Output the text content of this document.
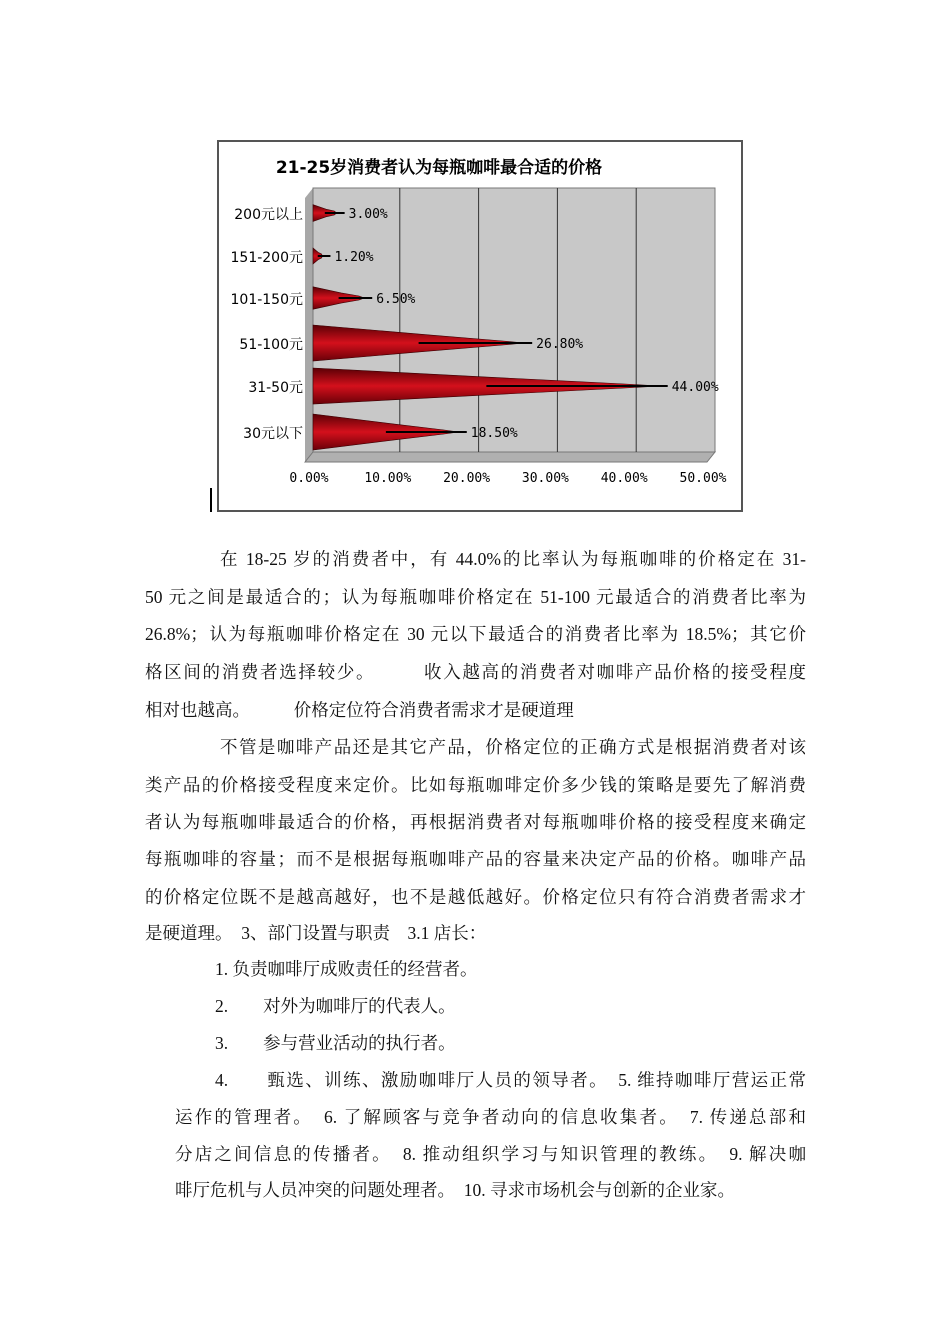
21-25岁消费者认为每瓶咖啡最合适的价格
0.00%	10.00% 20.00% 30.00% 40.00% 50.00%
200元以上	3.00%
151-200元 1.20%
101-150元	6.50%
51-100元	26.80%
31-50元	44.00%
30元以下	18.50%
在 18-25 岁的消费者中，有 44.0%的比率认为每瓶咖啡的价格定在 31-
50 元之间是最适合的；认为每瓶咖啡价格定在 51-100 元最适合的消费者比率为
26.8%；认为每瓶咖啡价格定在 30 元以下最适合的消费者比率为 18.5%；其它价
格区间的消费者选择较少。　　　收入越高的消费者对咖啡产品价格的接受程度
相对也越高。　　　价格定位符合消费者需求才是硬道理
不管是咖啡产品还是其它产品，价格定位的正确方式是根据消费者对该
类产品的价格接受程度来定价。比如每瓶咖啡定价多少钱的策略是要先了解消费
者认为每瓶咖啡最适合的价格，再根据消费者对每瓶咖啡价格的接受程度来确定
每瓶咖啡的容量；而不是根据每瓶咖啡产品的容量来决定产品的价格。咖啡产品
的价格定位既不是越高越好，也不是越低越好。价格定位只有符合消费者需求才
是硬道理。　3、部门设置与职责　3.1 店长：
1. 负责咖啡厅成败责任的经营者。
2.　　对外为咖啡厅的代表人。
3.　　参与营业活动的执行者。
4.　　甄选、训练、激励咖啡厅人员的领导者。　5. 维持咖啡厅营运正常
运作的管理者。　6. 了解顾客与竞争者动向的信息收集者。　7. 传递总部和
分店之间信息的传播者。　8. 推动组织学习与知识管理的教练。　9. 解决咖
啡厅危机与人员冲突的问题处理者。　10. 寻求市场机会与创新的企业家。
